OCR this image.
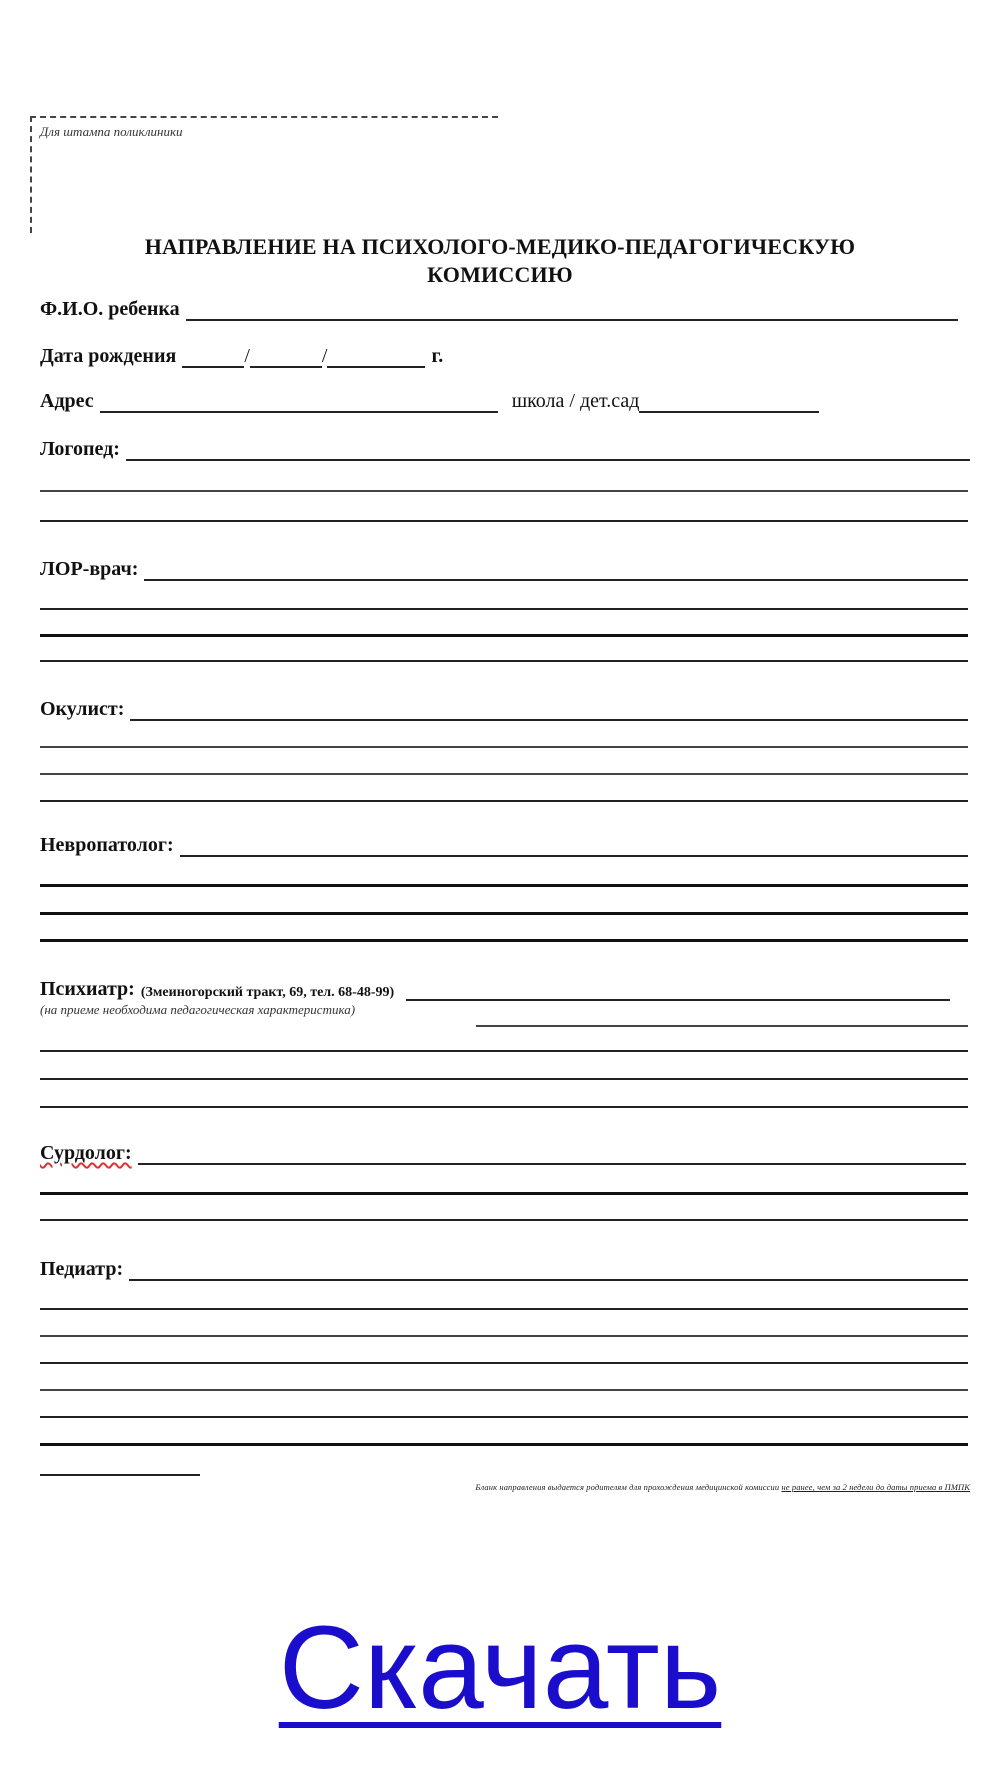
Для штампа поликлиники
НАПРАВЛЕНИЕ НА ПСИХОЛОГО-МЕДИКО-ПЕДАГОГИЧЕСКУЮ
КОМИССИЮ
Ф.И.О. ребенка
Дата рождения	/	/	г.
Адрес	школа / дет.сад
Логопед:
ЛОР-врач:
Окулист:
Невропатолог:
Психиатр: (Змеиногорский тракт, 69, тел. 68-48-99)
(на приеме необходима педагогическая характеристика)
Сурдолог:
Педиатр:
Бланк направления выдается родителям для прохождения медицинской комиссии не ранее, чем за 2 недели до даты приема в ПМПК
Скачать
